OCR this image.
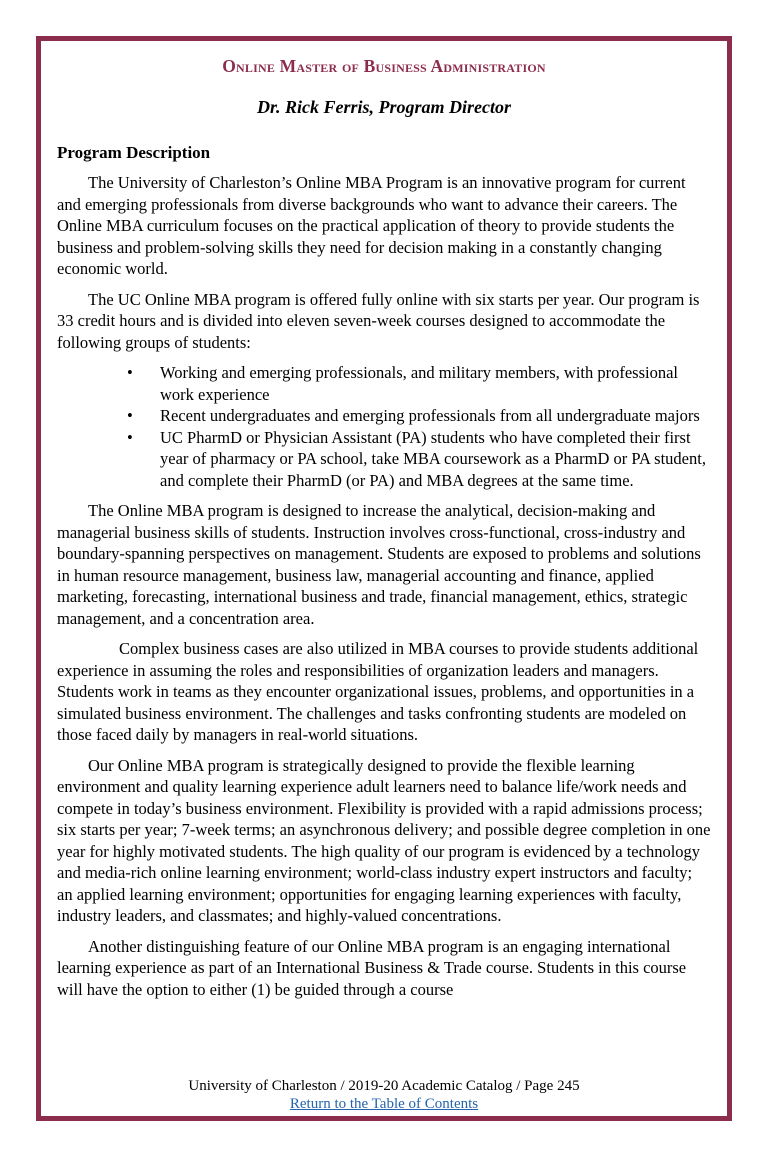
Online Master of Business Administration
Dr. Rick Ferris, Program Director
Program Description

The University of Charleston’s Online MBA Program is an innovative program for current and emerging professionals from diverse backgrounds who want to advance their careers. The Online MBA curriculum focuses on the practical application of theory to provide students the business and problem-solving skills they need for decision making in a constantly changing economic world.

The UC Online MBA program is offered fully online with six starts per year. Our program is 33 credit hours and is divided into eleven seven-week courses designed to accommodate the following groups of students:

• Working and emerging professionals, and military members, with professional work experience
• Recent undergraduates and emerging professionals from all undergraduate majors
• UC PharmD or Physician Assistant (PA) students who have completed their first year of pharmacy or PA school, take MBA coursework as a PharmD or PA student, and complete their PharmD (or PA) and MBA degrees at the same time.

The Online MBA program is designed to increase the analytical, decision-making and managerial business skills of students. Instruction involves cross-functional, cross-industry and boundary-spanning perspectives on management. Students are exposed to problems and solutions in human resource management, business law, managerial accounting and finance, applied marketing, forecasting, international business and trade, financial management, ethics, strategic management, and a concentration area.

Complex business cases are also utilized in MBA courses to provide students additional experience in assuming the roles and responsibilities of organization leaders and managers. Students work in teams as they encounter organizational issues, problems, and opportunities in a simulated business environment. The challenges and tasks confronting students are modeled on those faced daily by managers in real-world situations.

Our Online MBA program is strategically designed to provide the flexible learning environment and quality learning experience adult learners need to balance life/work needs and compete in today’s business environment. Flexibility is provided with a rapid admissions process; six starts per year; 7-week terms; an asynchronous delivery; and possible degree completion in one year for highly motivated students. The high quality of our program is evidenced by a technology and media-rich online learning environment; world-class industry expert instructors and faculty; an applied learning environment; opportunities for engaging learning experiences with faculty, industry leaders, and classmates; and highly-valued concentrations.

Another distinguishing feature of our Online MBA program is an engaging international learning experience as part of an International Business & Trade course. Students in this course will have the option to either (1) be guided through a course

University of Charleston / 2019-20 Academic Catalog / Page 245
Return to the Table of Contents
